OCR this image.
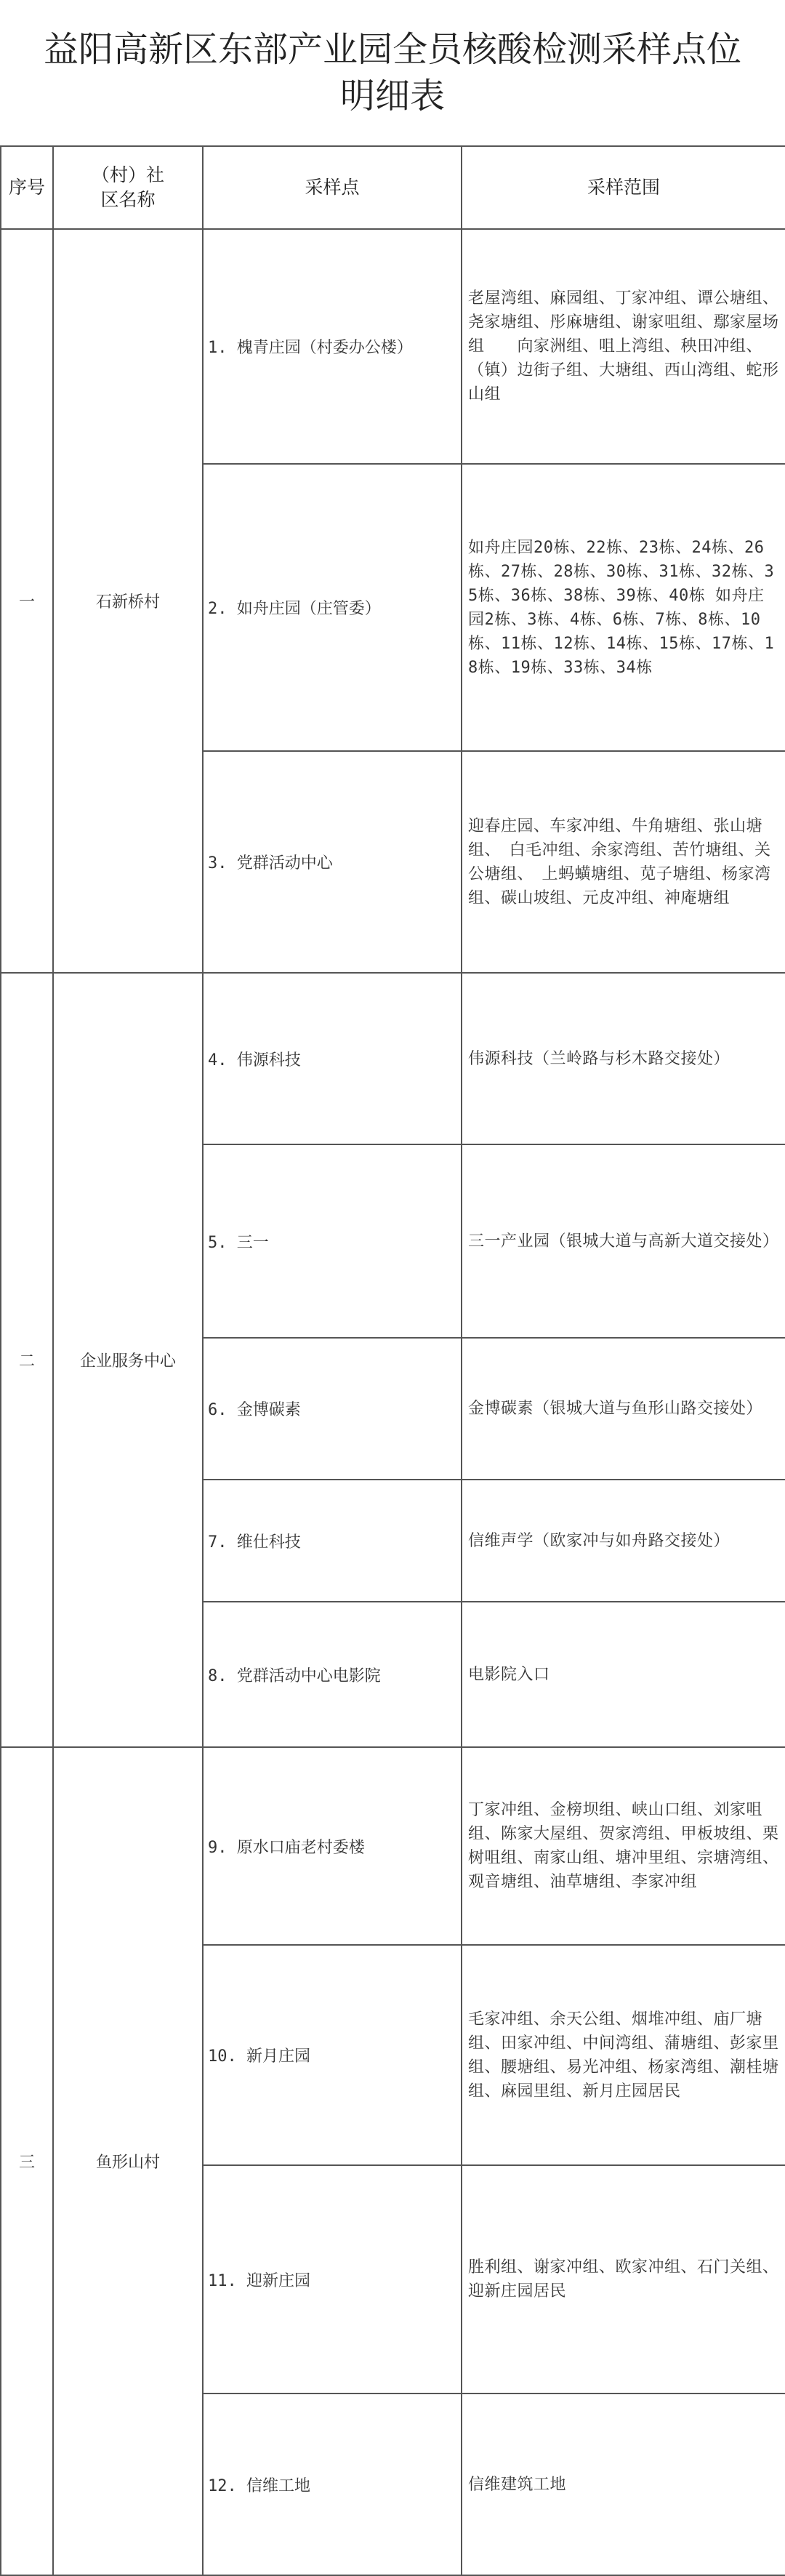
益阳高新区东部产业园全员核酸检测采样点位明细表
序号	（村）社区名称	采样点	采样范围
一	石新桥村	1. 槐青庄园（村委办公楼）	老屋湾组、麻园组、丁家冲组、谭公塘组、尧家塘组、彤麻塘组、谢家咀组、鄢家屋场组　　向家洲组、咀上湾组、秧田冲组、（镇）边街子组、大塘组、西山湾组、蛇形山组
		2. 如舟庄园（庄管委）	如舟庄园20栋、22栋、23栋、24栋、26栋、27栋、28栋、30栋、31栋、32栋、35栋、36栋、38栋、39栋、40栋 如舟庄园2栋、3栋、4栋、6栋、7栋、8栋、10栋、11栋、12栋、14栋、15栋、17栋、18栋、19栋、33栋、34栋
		3. 党群活动中心	迎春庄园、车家冲组、牛角塘组、张山塘组、　白毛冲组、余家湾组、苦竹塘组、关公塘组、　上蚂蟥塘组、苋子塘组、杨家湾组、碳山坡组、元皮冲组、神庵塘组
二	企业服务中心	4. 伟源科技	伟源科技（兰岭路与杉木路交接处）
		5. 三一	三一产业园（银城大道与高新大道交接处）
		6. 金博碳素	金博碳素（银城大道与鱼形山路交接处）
		7. 维仕科技	信维声学（欧家冲与如舟路交接处）
		8. 党群活动中心电影院	电影院入口
三	鱼形山村	9. 原水口庙老村委楼	丁家冲组、金榜坝组、峡山口组、刘家咀组、陈家大屋组、贺家湾组、甲板坡组、栗树咀组、南家山组、塘冲里组、宗塘湾组、观音塘组、油草塘组、李家冲组
		10. 新月庄园	毛家冲组、余天公组、烟堆冲组、庙厂塘组、田家冲组、中间湾组、蒲塘组、彭家里组、腰塘组、易光冲组、杨家湾组、潮桂塘组、麻园里组、新月庄园居民
		11. 迎新庄园	胜利组、谢家冲组、欧家冲组、石门关组、迎新庄园居民
		12. 信维工地	信维建筑工地
